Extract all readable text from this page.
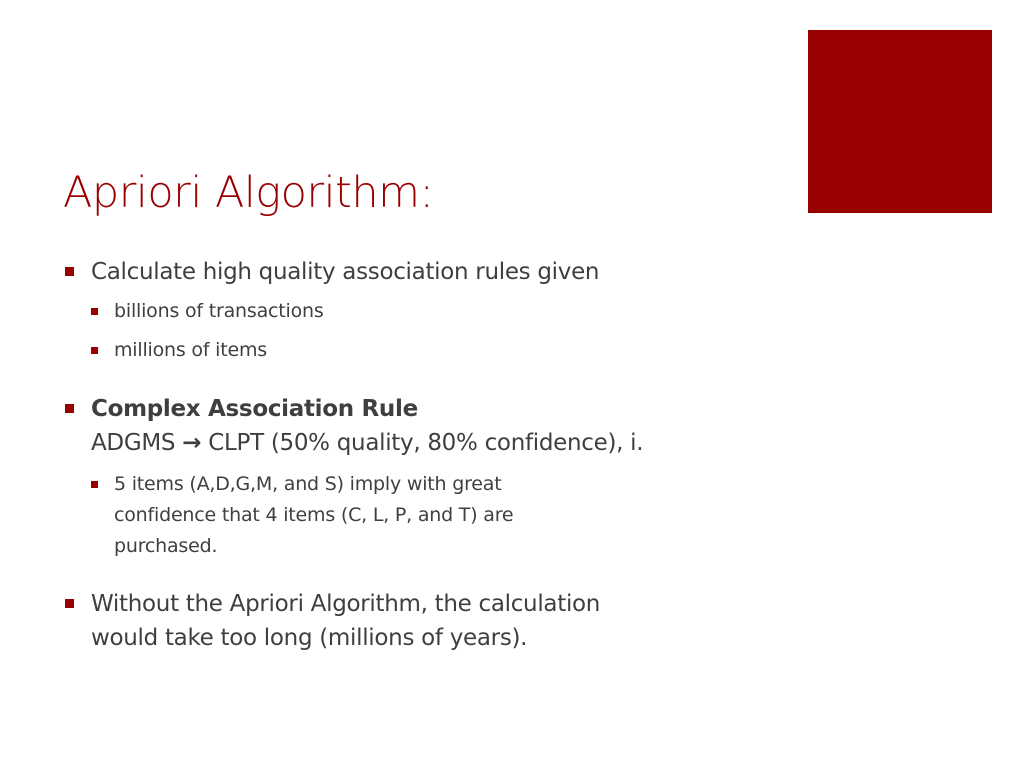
Apriori Algorithm:
Calculate high quality association rules given
billions of transactions
millions of items
Complex Association Rule
ADGMS → CLPT (50% quality, 80% confidence), i.
5 items (A,D,G,M, and S) imply with great
confidence that 4 items (C, L, P, and T) are
purchased.
Without the Apriori Algorithm, the calculation
would take too long (millions of years).
